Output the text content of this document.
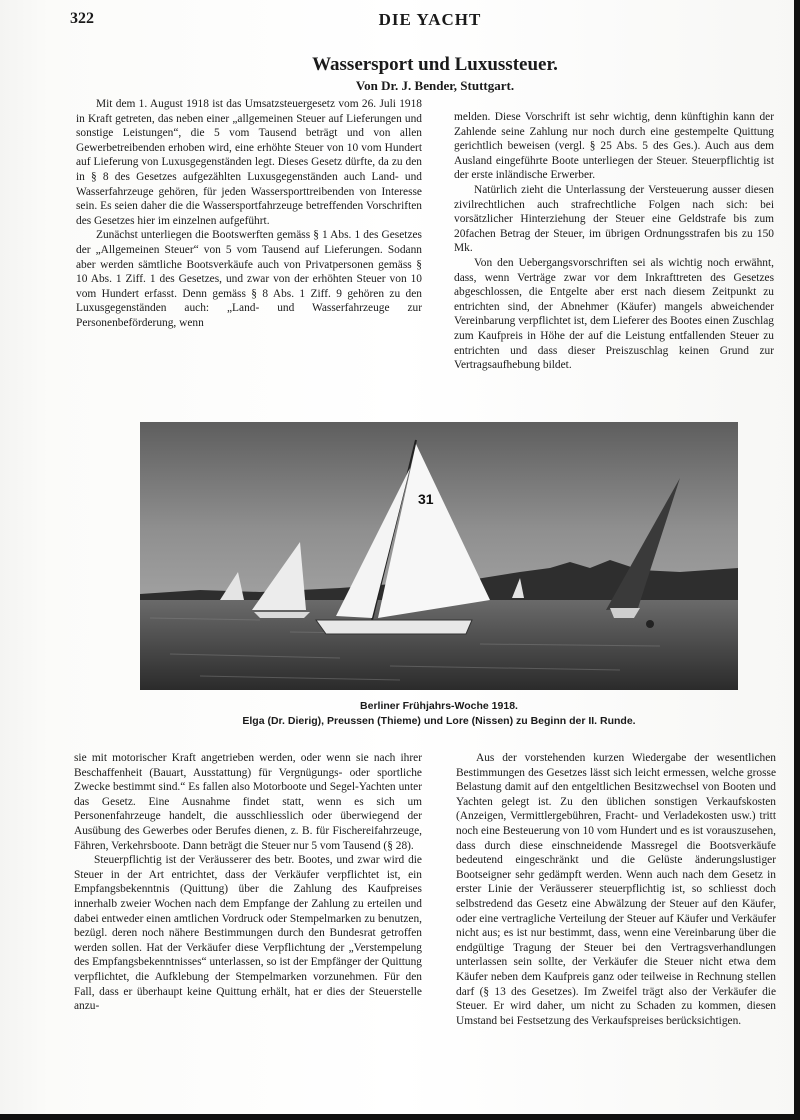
322	DIE YACHT
Wassersport und Luxussteuer.
Von Dr. J. Bender, Stuttgart.

Mit dem 1. August 1918 ist das Umsatzsteuergesetz vom 26. Juli 1918 in Kraft getreten, das neben einer „allgemeinen Steuer auf Lieferungen und sonstige Leistungen“, die 5 vom Tausend beträgt und von allen Gewerbetreibenden erhoben wird, eine erhöhte Steuer von 10 vom Hundert auf Lieferung von Luxusgegenständen legt. Dieses Gesetz dürfte, da zu den in § 8 des Gesetzes aufgezählten Luxusgegenständen auch Land- und Wasserfahrzeuge gehören, für jeden Wassersporttreibenden von Interesse sein. Es seien daher die die Wassersportfahrzeuge betreffenden Vorschriften des Gesetzes hier im einzelnen aufgeführt.

Zunächst unterliegen die Bootswerften gemäss § 1 Abs. 1 des Gesetzes der „Allgemeinen Steuer“ von 5 vom Tausend auf Lieferungen. Sodann aber werden sämtliche Bootsverkäufe auch von Privatpersonen gemäss § 10 Abs. 1 Ziff. 1 des Gesetzes, und zwar von der erhöhten Steuer von 10 vom Hundert erfasst. Denn gemäss § 8 Abs. 1 Ziff. 9 gehören zu den Luxusgegenständen auch: „Land- und Wasserfahrzeuge zur Personenbeförderung, wenn

melden. Diese Vorschrift ist sehr wichtig, denn künftighin kann der Zahlende seine Zahlung nur noch durch eine gestempelte Quittung gerichtlich beweisen (vergl. § 25 Abs. 5 des Ges.). Auch aus dem Ausland eingeführte Boote unterliegen der Steuer. Steuerpflichtig ist der erste inländische Erwerber.

Natürlich zieht die Unterlassung der Versteuerung ausser diesen zivilrechtlichen auch strafrechtliche Folgen nach sich: bei vorsätzlicher Hinterziehung der Steuer eine Geldstrafe bis zum 20fachen Betrag der Steuer, im übrigen Ordnungsstrafen bis zu 150 Mk.

Von den Uebergangsvorschriften sei als wichtig noch erwähnt, dass, wenn Verträge zwar vor dem Inkrafttreten des Gesetzes abgeschlossen, die Entgelte aber erst nach diesem Zeitpunkt zu entrichten sind, der Abnehmer (Käufer) mangels abweichender Vereinbarung verpflichtet ist, dem Lieferer des Bootes einen Zuschlag zum Kaufpreis in Höhe der auf die Leistung entfallenden Steuer zu entrichten und dass dieser Preiszuschlag keinen Grund zur Vertragsaufhebung bildet.

31
Berliner Frühjahrs-Woche 1918.
Elga (Dr. Dierig), Preussen (Thieme) und Lore (Nissen) zu Beginn der II. Runde.

sie mit motorischer Kraft angetrieben werden, oder wenn sie nach ihrer Beschaffenheit (Bauart, Ausstattung) für Vergnügungs- oder sportliche Zwecke bestimmt sind.“ Es fallen also Motorboote und Segel-Yachten unter das Gesetz. Eine Ausnahme findet statt, wenn es sich um Personenfahrzeuge handelt, die ausschliesslich oder überwiegend der Ausübung des Gewerbes oder Berufes dienen, z. B. für Fischereifahrzeuge, Fähren, Verkehrsboote. Dann beträgt die Steuer nur 5 vom Tausend (§ 28).

Steuerpflichtig ist der Veräusserer des betr. Bootes, und zwar wird die Steuer in der Art entrichtet, dass der Verkäufer verpflichtet ist, ein Empfangsbekenntnis (Quittung) über die Zahlung des Kaufpreises innerhalb zweier Wochen nach dem Empfange der Zahlung zu erteilen und dabei entweder einen amtlichen Vordruck oder Stempelmarken zu benutzen, bezügl. deren noch nähere Bestimmungen durch den Bundesrat getroffen werden sollen. Hat der Verkäufer diese Verpflichtung der „Verstempelung des Empfangsbekenntnisses“ unterlassen, so ist der Empfänger der Quittung verpflichtet, die Aufklebung der Stempelmarken vorzunehmen. Für den Fall, dass er überhaupt keine Quittung erhält, hat er dies der Steuerstelle anzu-

Aus der vorstehenden kurzen Wiedergabe der wesentlichen Bestimmungen des Gesetzes lässt sich leicht ermessen, welche grosse Belastung damit auf den entgeltlichen Besitzwechsel von Booten und Yachten gelegt ist. Zu den üblichen sonstigen Verkaufskosten (Anzeigen, Vermittlergebühren, Fracht- und Verladekosten usw.) tritt noch eine Besteuerung von 10 vom Hundert und es ist vorauszusehen, dass durch diese einschneidende Massregel die Bootsverkäufe bedeutend eingeschränkt und die Gelüste änderungslustiger Bootseigner sehr gedämpft werden. Wenn auch nach dem Gesetz in erster Linie der Veräusserer steuerpflichtig ist, so schliesst doch selbstredend das Gesetz eine Abwälzung der Steuer auf den Käufer, oder eine vertragliche Verteilung der Steuer auf Käufer und Verkäufer nicht aus; es ist nur bestimmt, dass, wenn eine Vereinbarung über die endgültige Tragung der Steuer bei den Vertragsverhandlungen unterlassen sein sollte, der Verkäufer die Steuer nicht etwa dem Käufer neben dem Kaufpreis ganz oder teilweise in Rechnung stellen darf (§ 13 des Gesetzes). Im Zweifel trägt also der Verkäufer die Steuer. Er wird daher, um nicht zu Schaden zu kommen, diesen Umstand bei Festsetzung des Verkaufspreises berücksichtigen.
